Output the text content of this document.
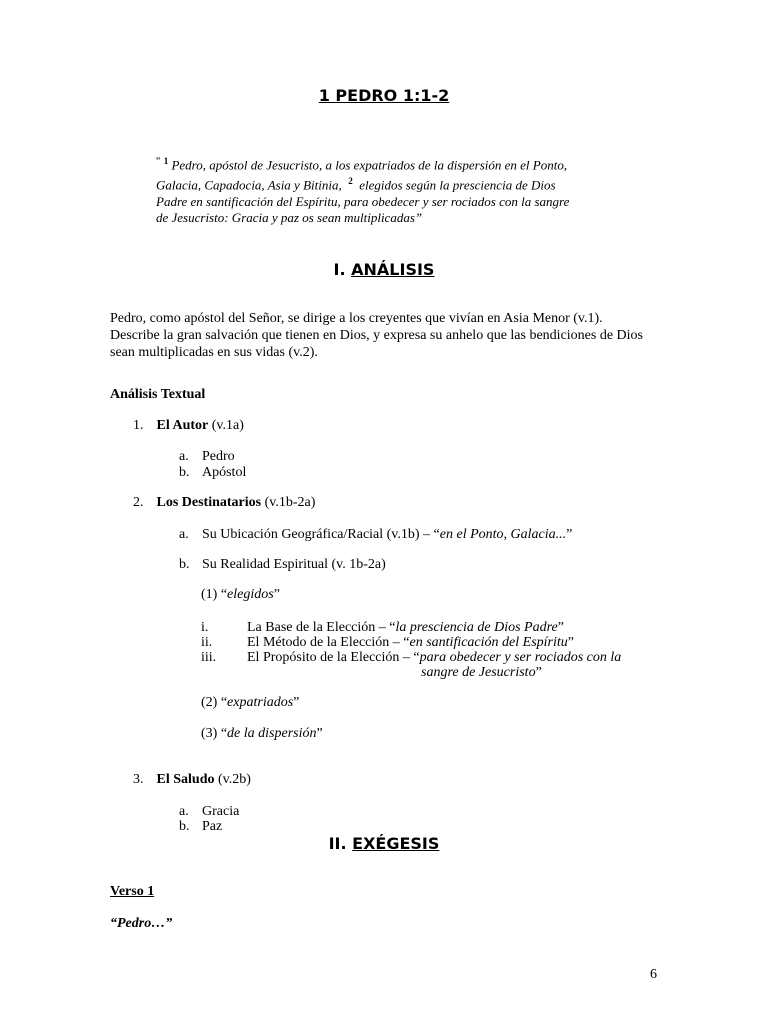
1 PEDRO 1:1-2
“ $^1$ Pedro, apóstol de Jesucristo, a los expatriados de la dispersión en el Ponto,
Galacia, Capadocia, Asia y Bitinia, $^2$ elegidos según la presciencia de Dios
Padre en santificación del Espíritu, para obedecer y ser rociados con la sangre
de Jesucristo: Gracia y paz os sean multiplicadas”
I. ANÁLISIS
Pedro, como apóstol del Señor, se dirige a los creyentes que vivían en Asia Menor (v.1).
Describe la gran salvación que tienen en Dios, y expresa su anhelo que las bendiciones de Dios
sean multiplicadas en sus vidas (v.2).
Análisis Textual
1. El Autor (v.1a)
a. Pedro
b. Apóstol
2. Los Destinatarios (v.1b-2a)
a. Su Ubicación Geográfica/Racial (v.1b) – “en el Ponto, Galacia...”
b. Su Realidad Espiritual (v. 1b-2a)
(1) “elegidos”
i.	La Base de la Elección – “la presciencia de Dios Padre”
ii. El Método de la Elección – “en santificación del Espíritu”
iii. El Propósito de la Elección – “para obedecer y ser rociados con la
sangre de Jesucristo”
(2) “expatriados”
(3) “de la dispersión”
3. El Saludo (v.2b)
a. Gracia
b. Paz
II. EXÉGESIS
Verso 1
“Pedro…”
6
